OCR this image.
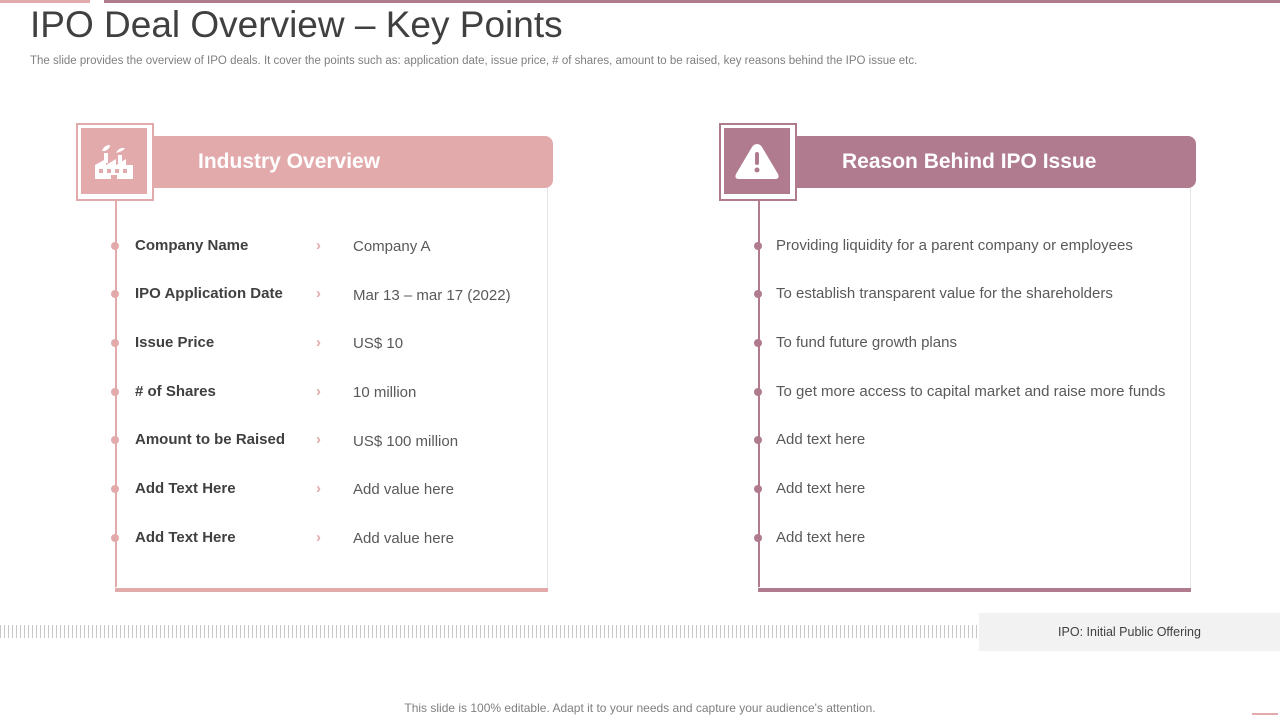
IPO Deal Overview – Key Points
The slide provides the overview of IPO deals. It cover the points such as: application date, issue price, # of shares, amount to be raised, key reasons behind the IPO issue etc.
Industry Overview
Company Name	› Company A
IPO Application Date › Mar 13 – mar 17 (2022)
Issue Price	› US$ 10
# of Shares	› 10 million
Amount to be Raised › US$ 100 million
Add Text Here	› Add value here
Add Text Here	› Add value here
Reason Behind IPO Issue
Providing liquidity for a parent company or employees
To establish transparent value for the shareholders
To fund future growth plans
To get more access to capital market and raise more funds
Add text here
Add text here
Add text here
IPO: Initial Public Offering
This slide is 100% editable. Adapt it to your needs and capture your audience's attention.
